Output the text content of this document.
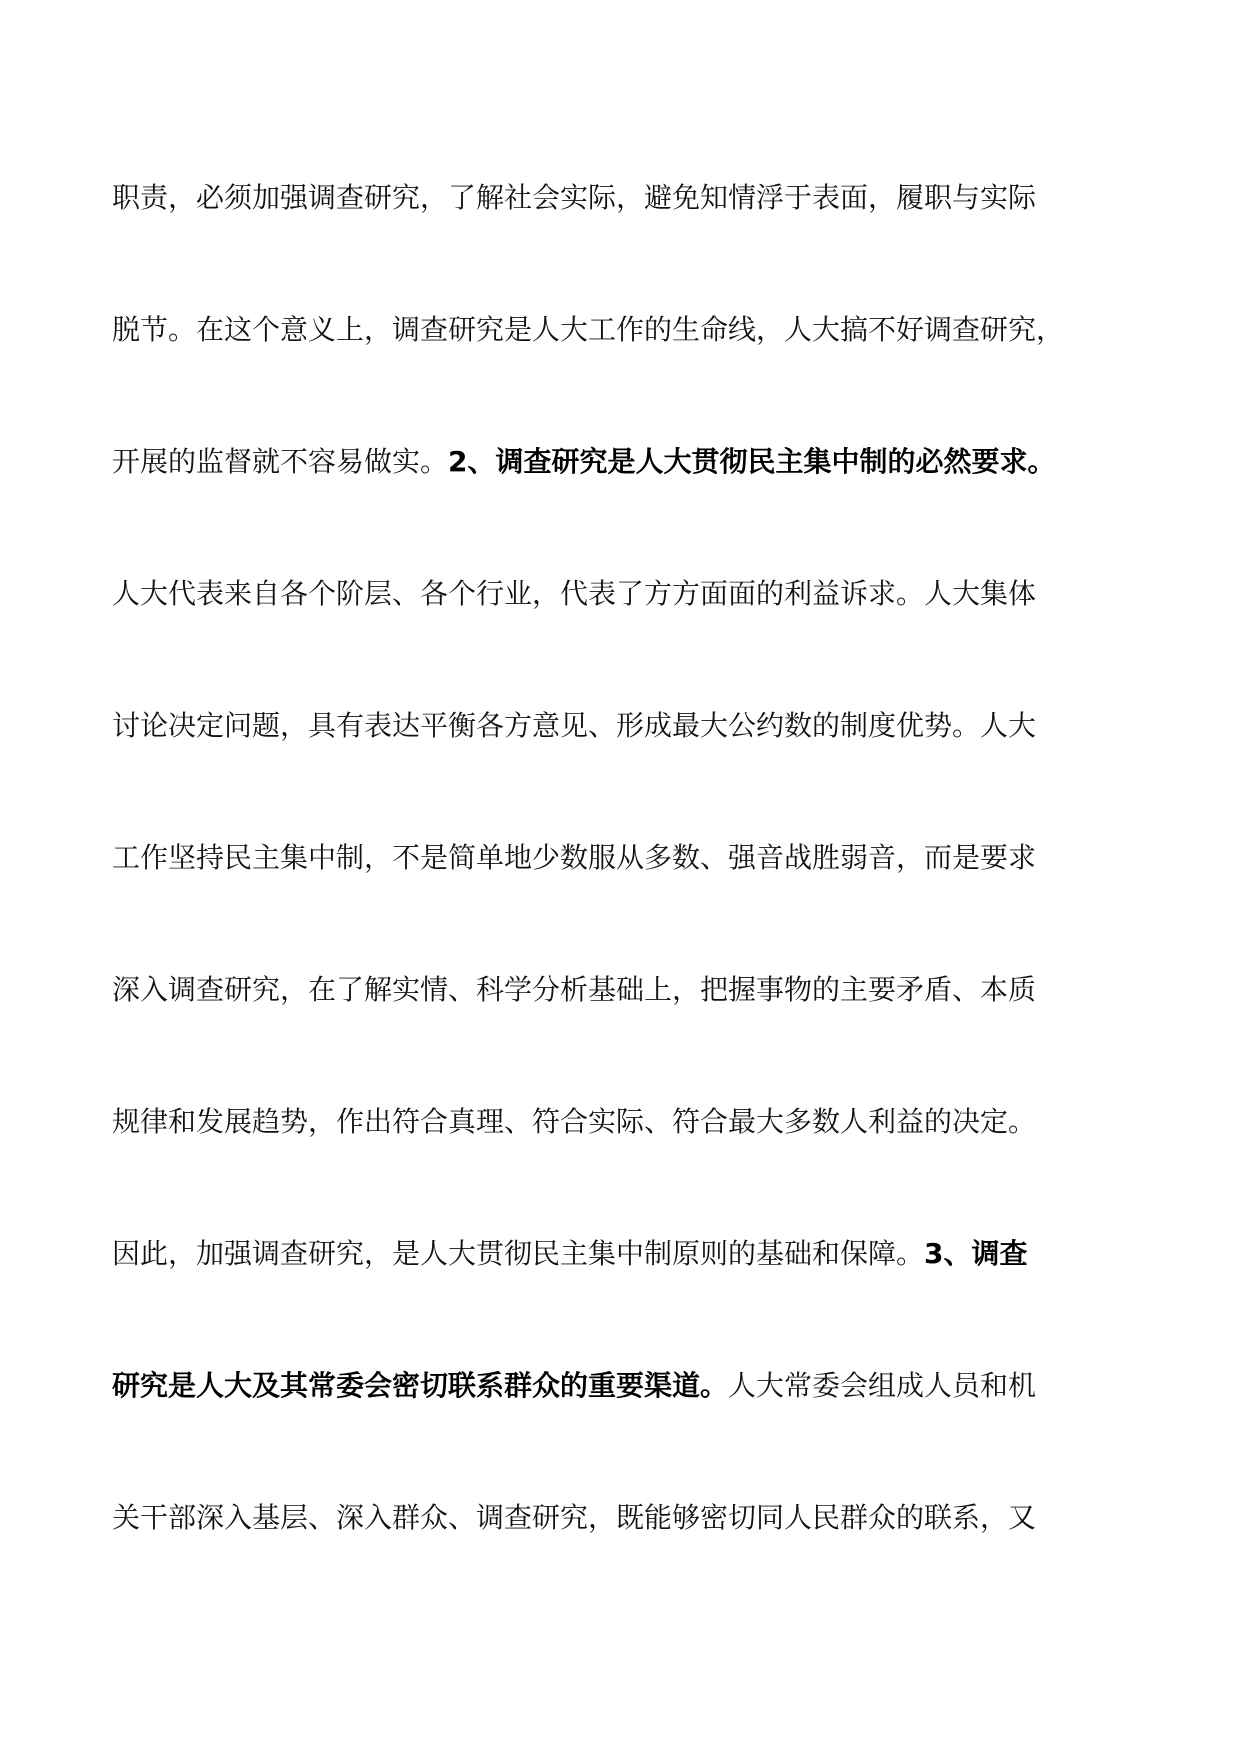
职责，必须加强调查研究，了解社会实际，避免知情浮于表面，履职与实际

脱节。在这个意义上，调查研究是人大工作的生命线，人大搞不好调查研究，

开展的监督就不容易做实。2、调查研究是人大贯彻民主集中制的必然要求。

人大代表来自各个阶层、各个行业，代表了方方面面的利益诉求。人大集体

讨论决定问题，具有表达平衡各方意见、形成最大公约数的制度优势。人大

工作坚持民主集中制，不是简单地少数服从多数、强音战胜弱音，而是要求

深入调查研究，在了解实情、科学分析基础上，把握事物的主要矛盾、本质

规律和发展趋势，作出符合真理、符合实际、符合最大多数人利益的决定。

因此，加强调查研究，是人大贯彻民主集中制原则的基础和保障。3、调查

研究是人大及其常委会密切联系群众的重要渠道。人大常委会组成人员和机

关干部深入基层、深入群众、调查研究，既能够密切同人民群众的联系，又
